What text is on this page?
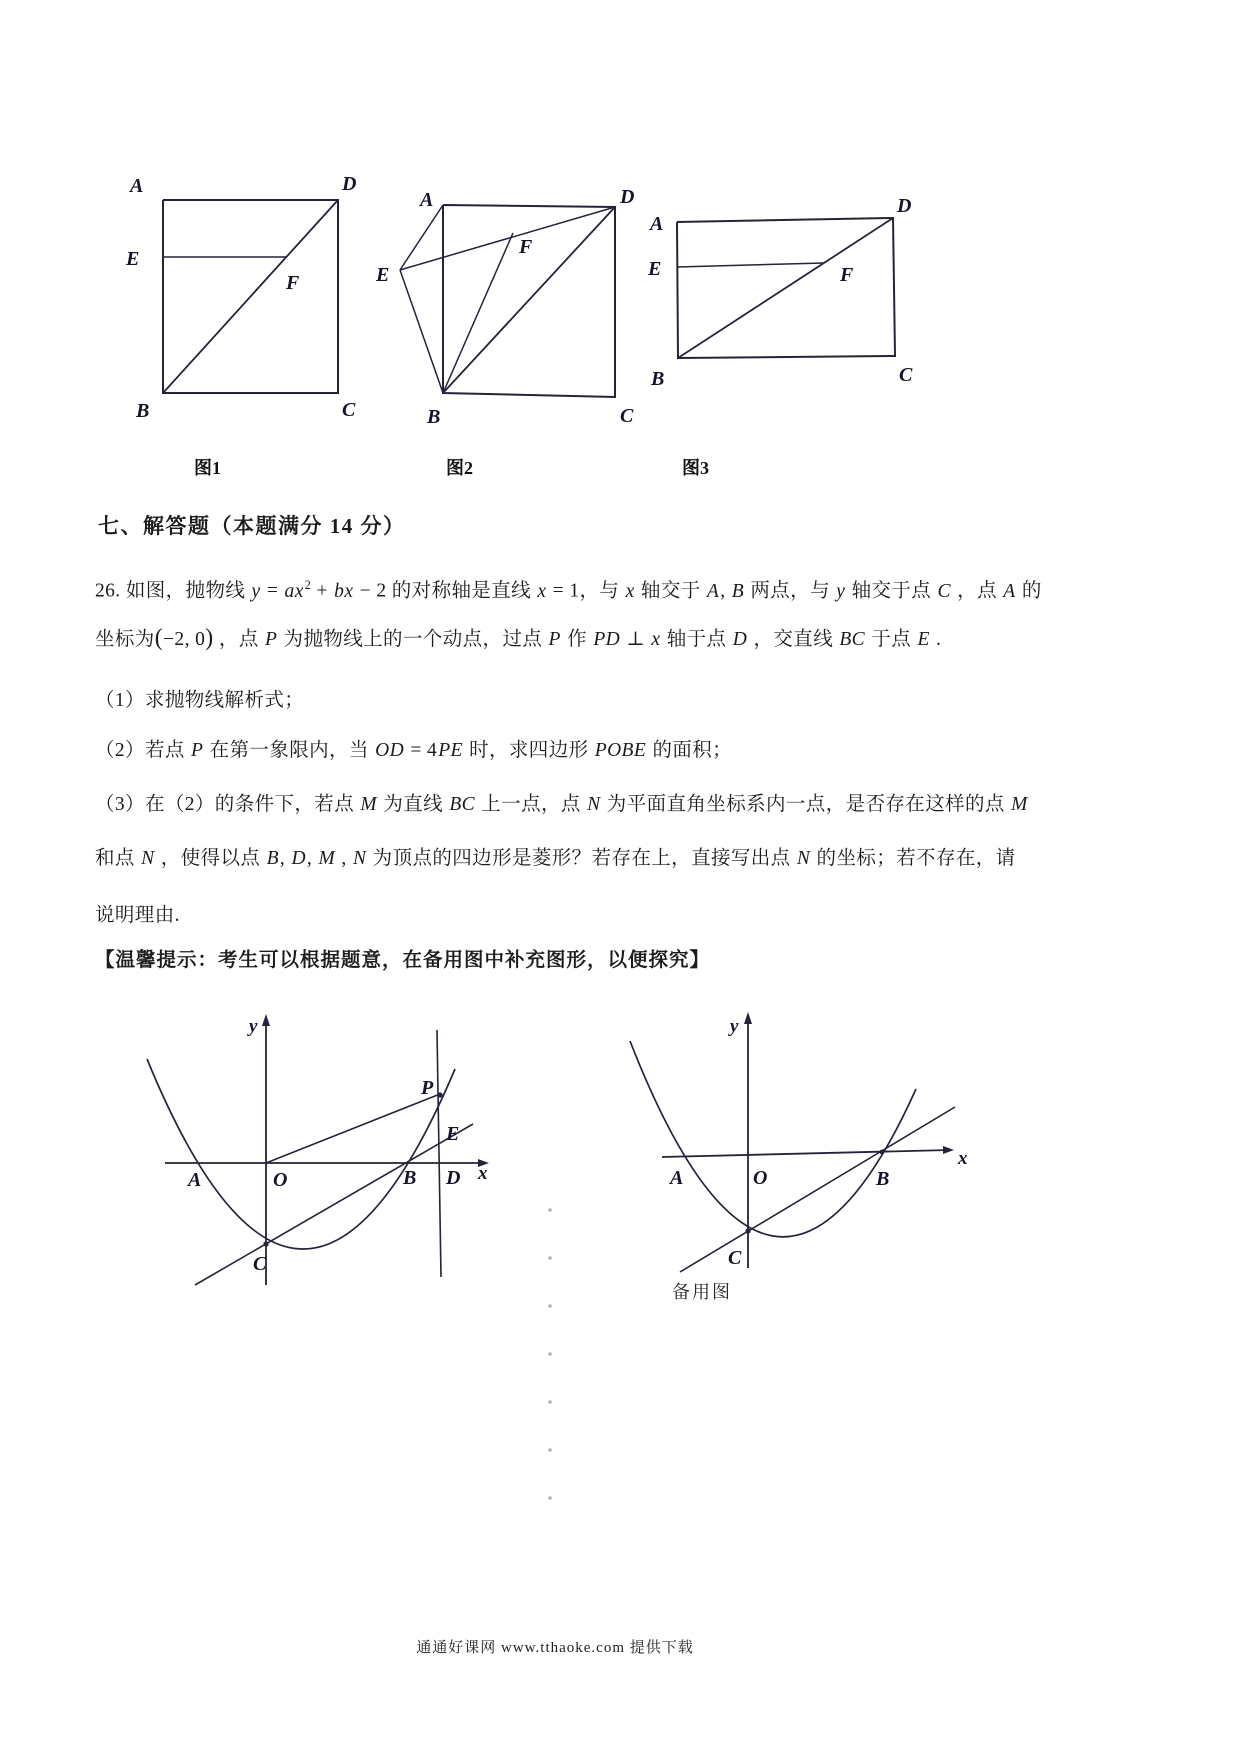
A	D
E
F
B	C
图1
A	D
E
F
B	C
图2
A
D
E	F
B	C
图3
七、解答题（本题满分 14 分）

26. 如图，抛物线 $y = ax^2$ + bx − 2 的对称轴是直线 x = 1，与 x 轴交于 A, B 两点，与 y 轴交于点 C ，点 A 的

坐标为(−2, 0) ，点 P 为抛物线上的一个动点，过点 P 作 PD ⊥ x 轴于点 D ，交直线 BC 于点 E .

（1）求抛物线解析式；

（2）若点 P 在第一象限内，当 OD = 4PE 时，求四边形 POBE 的面积；

（3）在（2）的条件下，若点 M 为直线 BC 上一点，点 N 为平面直角坐标系内一点，是否存在这样的点 M

和点 N ，使得以点 B, D, M , N 为顶点的四边形是菱形？若存在上，直接写出点 N 的坐标；若不存在，请

说明理由.

【温馨提示：考生可以根据题意，在备用图中补充图形，以便探究】

y
x
A	O	B D
P
E
C
y
x
A	O	B
C
备用图
通通好课网 www.tthaoke.com 提供下载
